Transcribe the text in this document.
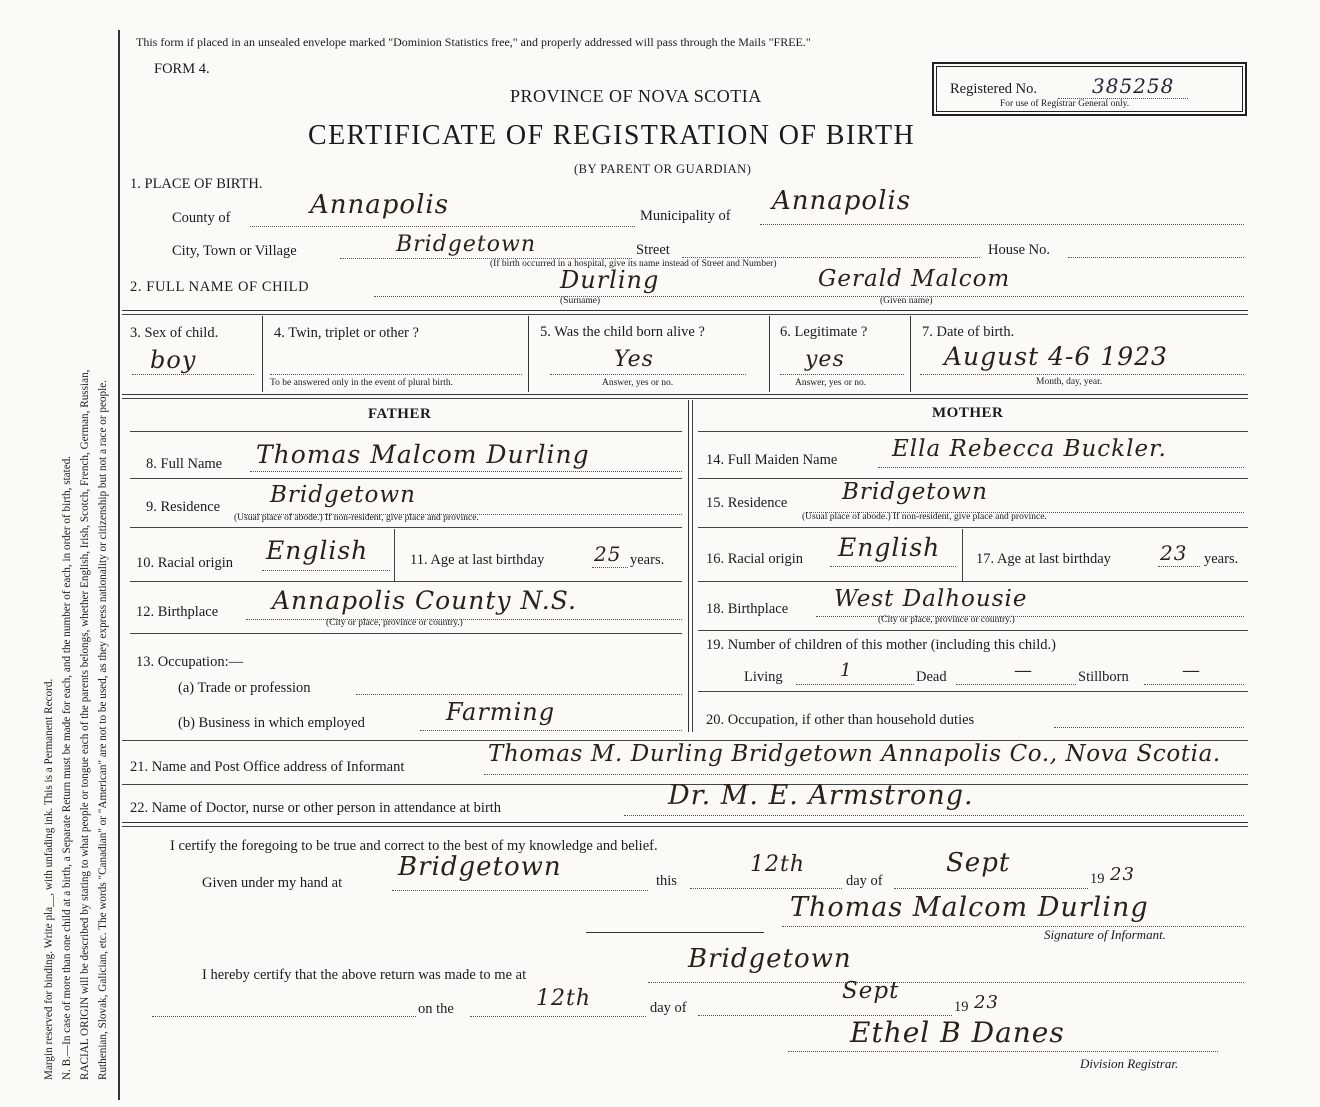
Margin reserved for binding. Write pla__, with unfading ink. This is a Permanent Record. N. B.—In case of more than one child at a birth, a Separate Return must be made for each, and the number of each, in order of birth, stated. RACIAL ORIGIN will be described by stating to what people or tongue each of the parents belongs, whether English, Irish, Scotch, French, German, Russian, Ruthenian, Slovak, Galician, etc. The words "Canadian" or "American" are not to be used, as they express nationality or citizenship but not a race or people.
This form if placed in an unsealed envelope marked "Dominion Statistics free," and properly addressed will pass through the Mails "FREE."
FORM 4.
Registered No.	385258
For use of Registrar General only.
PROVINCE OF NOVA SCOTIA
CERTIFICATE OF REGISTRATION OF BIRTH
(BY PARENT OR GUARDIAN)
1. PLACE OF BIRTH.
County of	Annapolis	Municipality of Annapolis
City, Town or Village	Bridgetown	Street	House No.
(If birth occurred in a hospital, give its name instead of Street and Number)
2. FULL NAME OF CHILD	Durling	Gerald Malcom
(Surname)	(Given name)
3. Sex of child.
boy
4. Twin, triplet or other ?
To be answered only in the event of plural birth.
5. Was the child born alive ?
Yes
Answer, yes or no.
6. Legitimate ?
yes
Answer, yes or no.
7. Date of birth.
August 4-6 1923
Month, day, year.
FATHER
8. Full Name Thomas Malcom Durling
9. Residence Bridgetown
(Usual place of abode.) If non-resident, give place and province.
10. Racial origin English	11. Age at last birthday 25 years.
12. Birthplace Annapolis County N.S.
(City or place, province or country.)
13. Occupation:—
(a) Trade or profession
(b) Business in which employed	Farming
MOTHER
14. Full Maiden Name Ella Rebecca Buckler.
15. Residence Bridgetown
(Usual place of abode.) If non-resident, give place and province.
16. Racial origin English 17. Age at last birthday 23 years.
18. Birthplace West Dalhousie
(City or place, province or country.)
19. Number of children of this mother (including this child.)
Living	1	Dead	—	Stillborn	—
20. Occupation, if other than household duties
21. Name and Post Office address of Informant	Thomas M. Durling Bridgetown Annapolis Co., Nova Scotia.
22. Name of Doctor, nurse or other person in attendance at birth	Dr. M. E. Armstrong.
I certify the foregoing to be true and correct to the best of my knowledge and belief.
Given under my hand at
Bridgetown	this
12th
day of
Sept
19 23
Thomas Malcom Durling
Signature of Informant.
I hereby certify that the above return was made to me at
Bridgetown
on the	12th	day of
Sept
19 23
Ethel B Danes
Division Registrar.
